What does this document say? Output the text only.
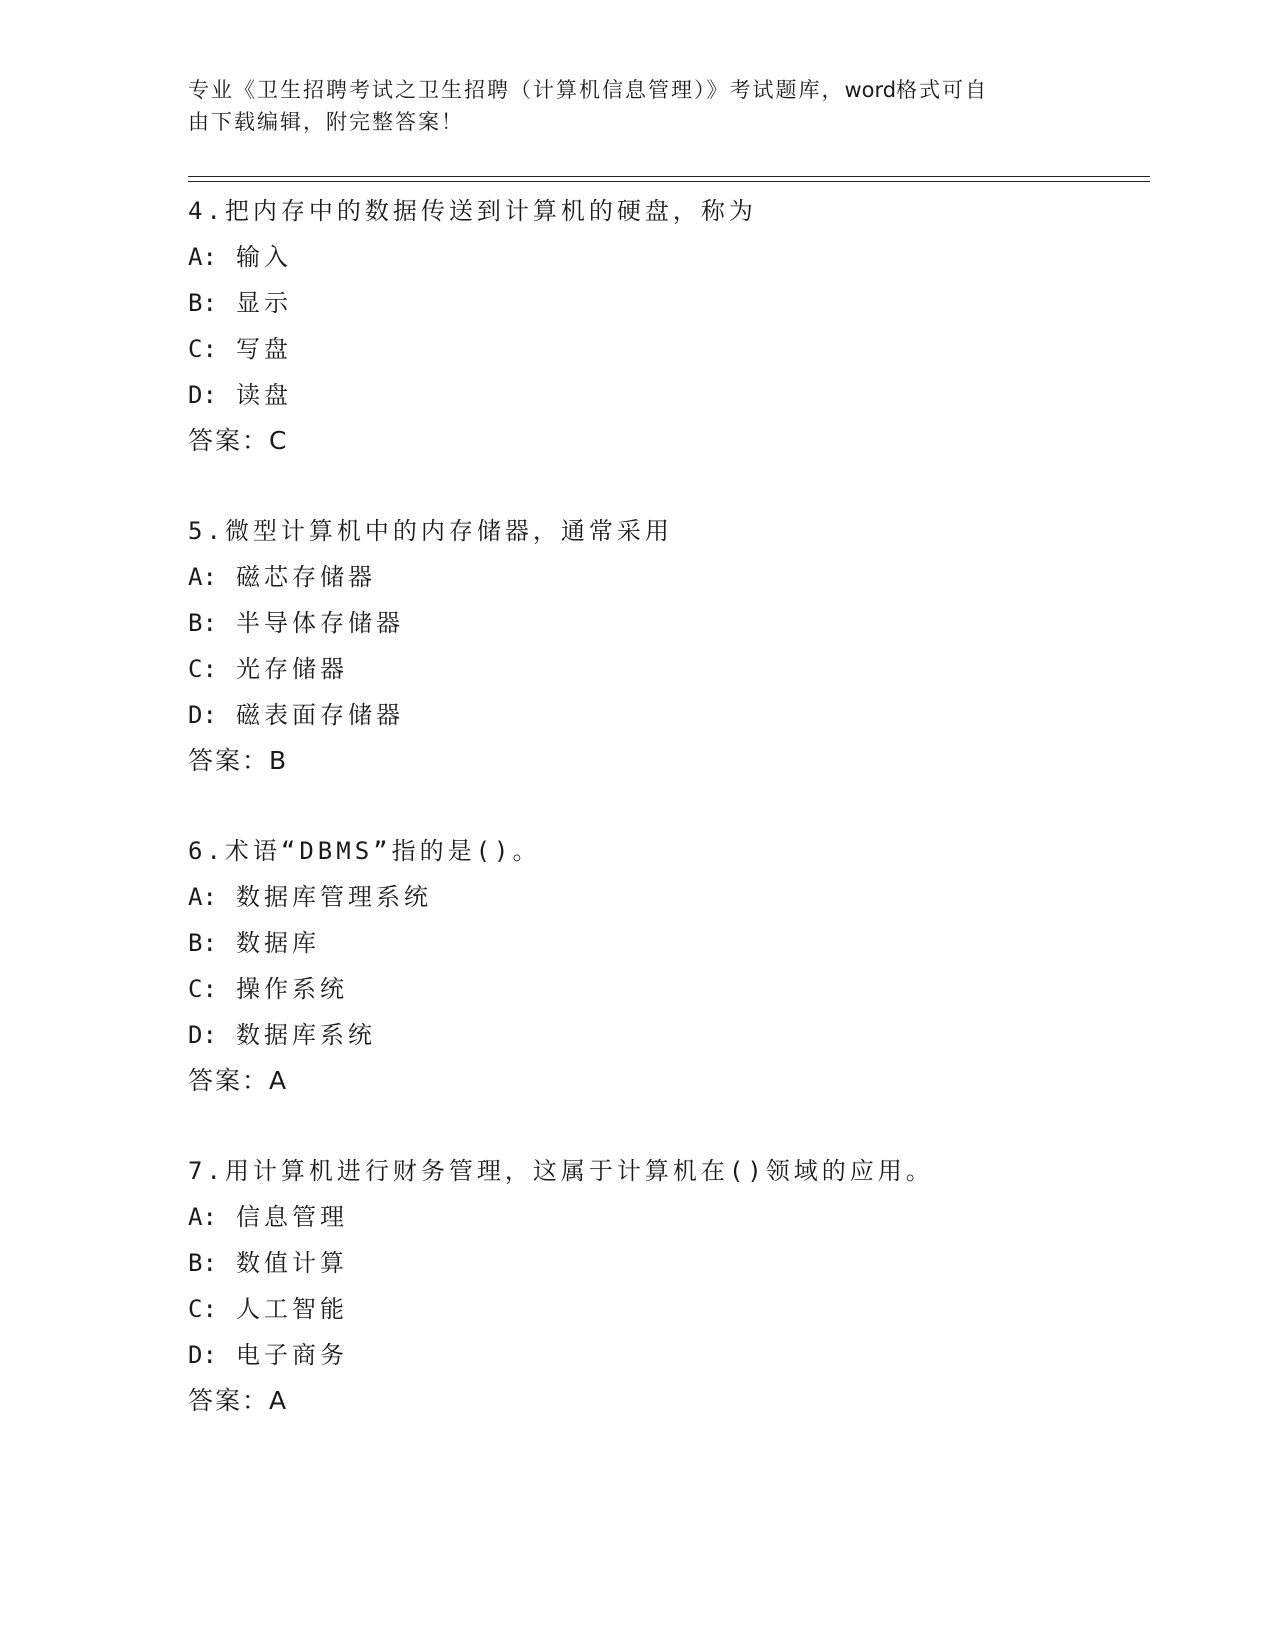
专业《卫生招聘考试之卫生招聘（计算机信息管理）》考试题库，word格式可自
由下载编辑，附完整答案！
4.把内存中的数据传送到计算机的硬盘，称为
A: 输入
B: 显示
C: 写盘
D: 读盘
答案：C
5.微型计算机中的内存储器，通常采用
A: 磁芯存储器
B: 半导体存储器
C: 光存储器
D: 磁表面存储器
答案：B
6.术语“DBMS”指的是()。
A: 数据库管理系统
B: 数据库
C: 操作系统
D: 数据库系统
答案：A
7.用计算机进行财务管理，这属于计算机在()领域的应用。
A: 信息管理
B: 数值计算
C: 人工智能
D: 电子商务
答案：A
